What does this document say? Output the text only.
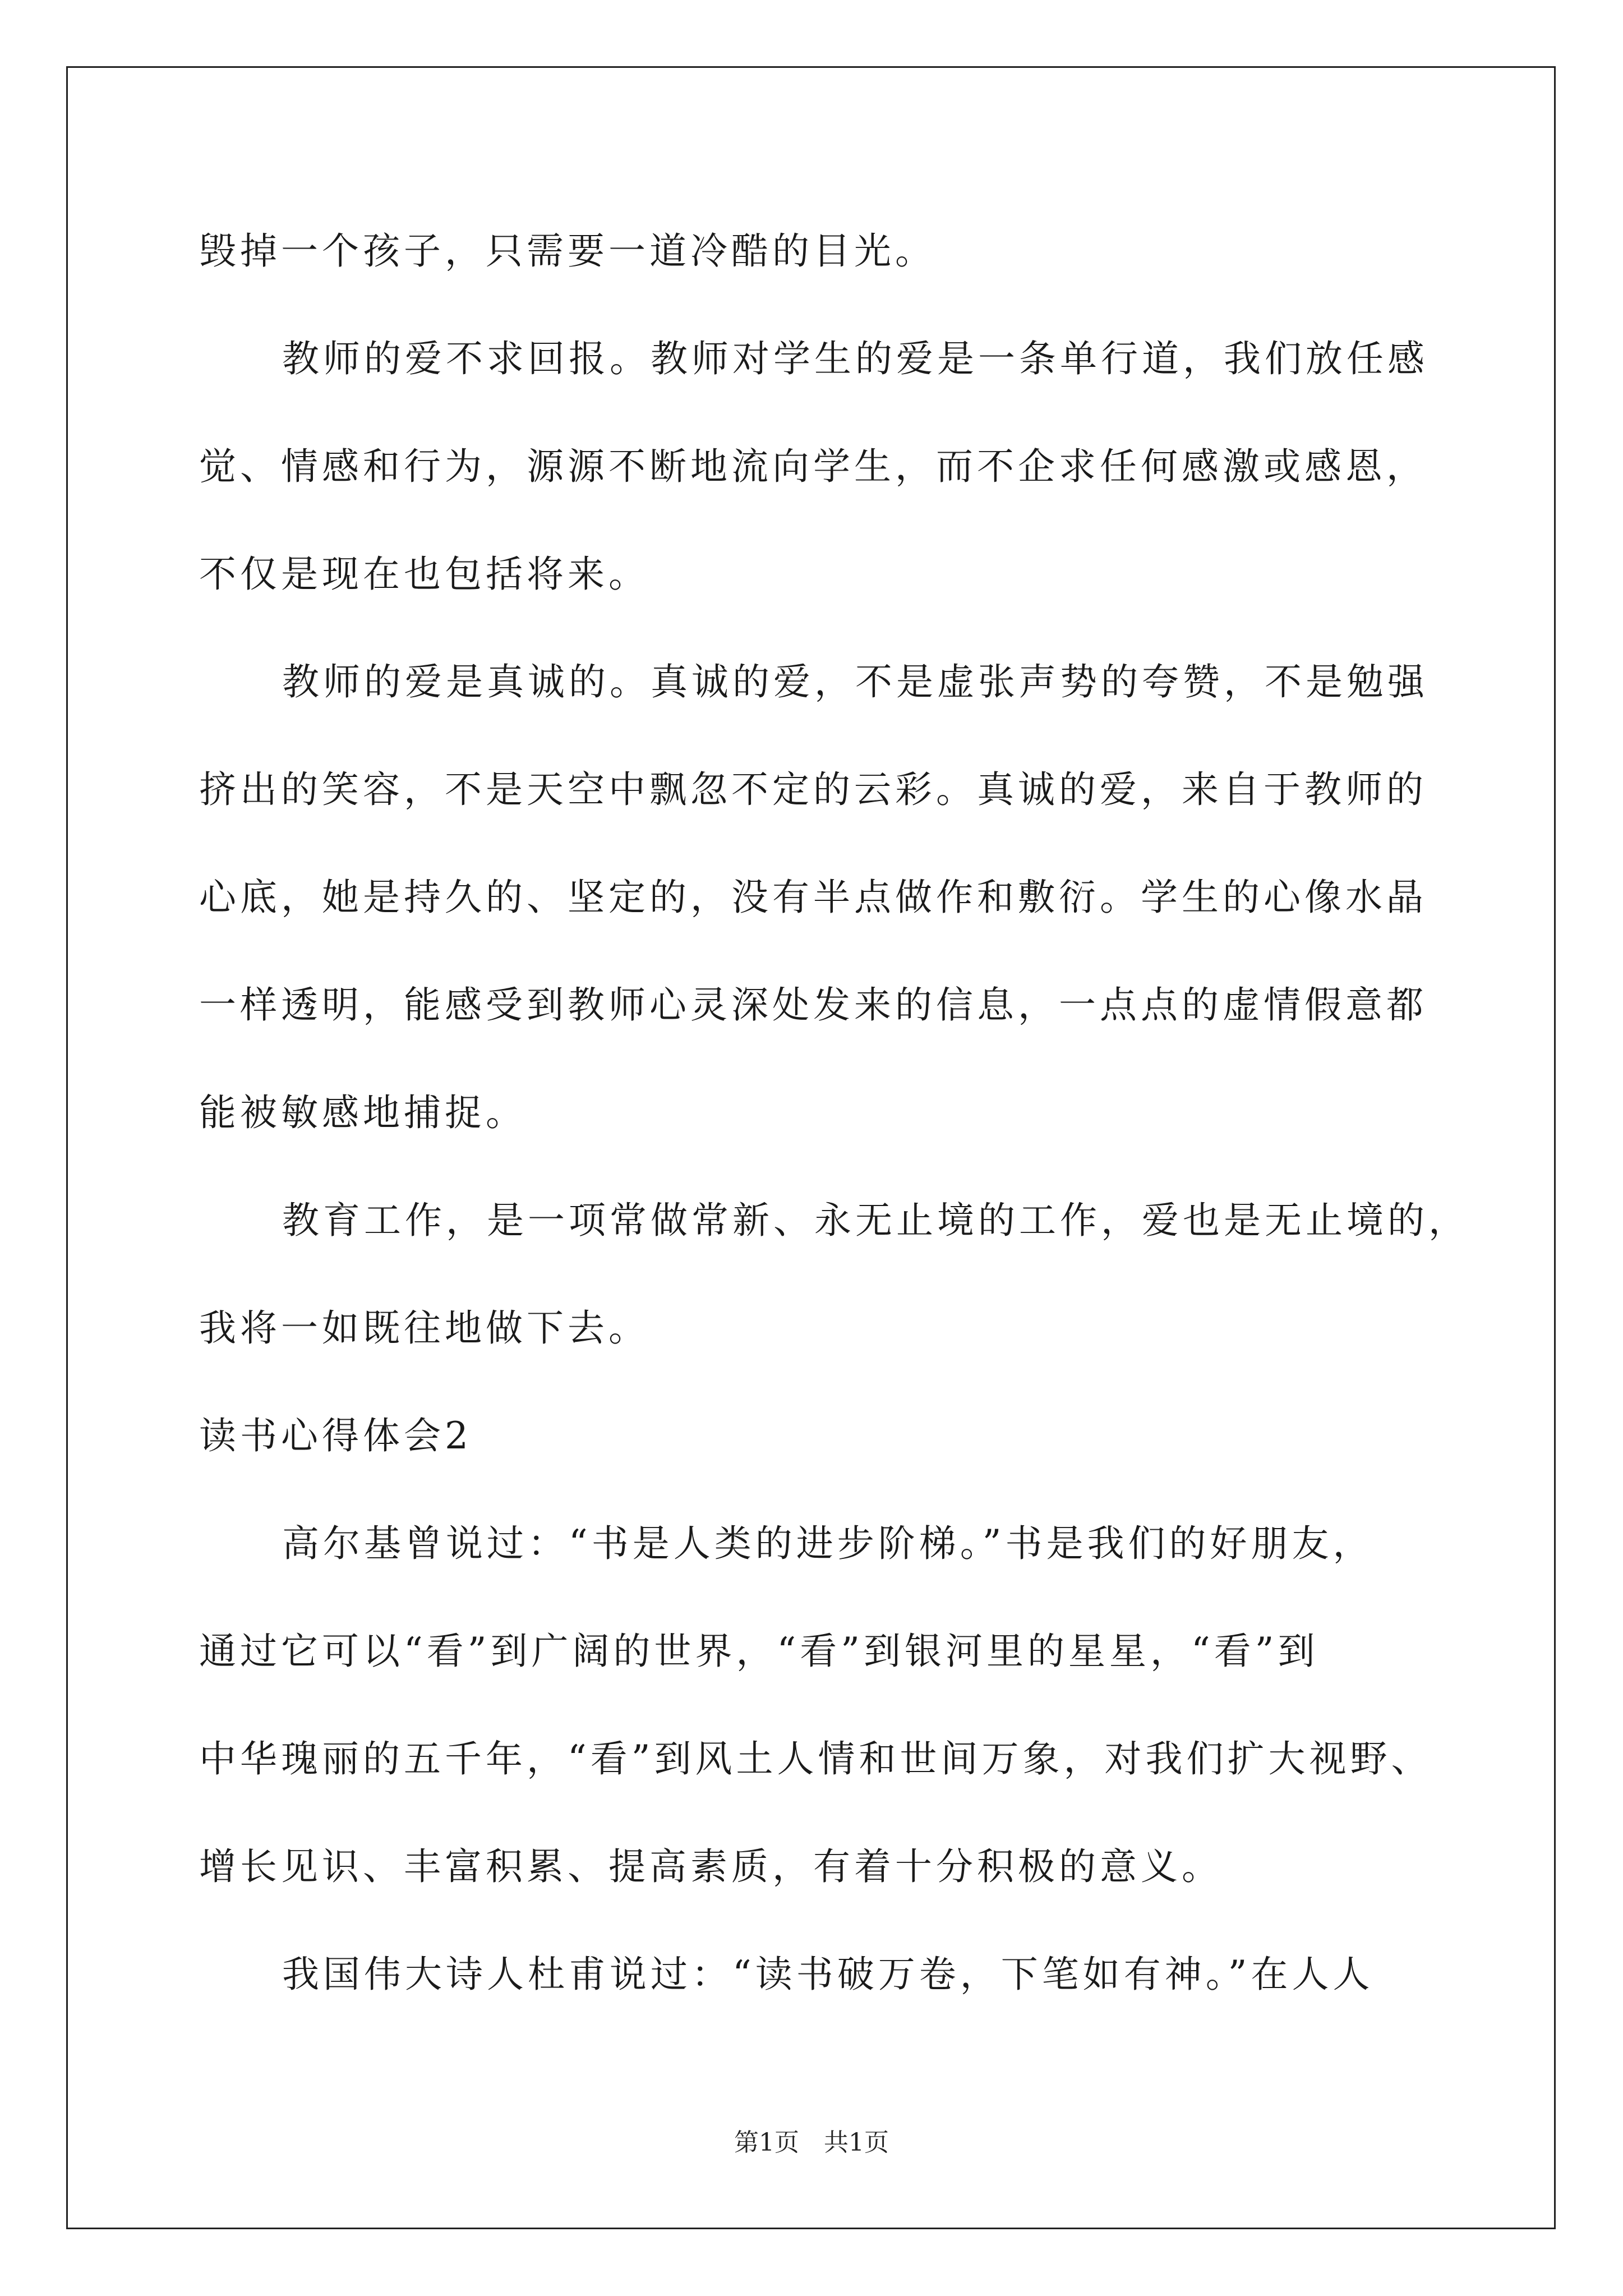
毁掉一个孩子，只需要一道冷酷的目光。
教师的爱不求回报。教师对学生的爱是一条单行道，我们放任感
觉、情感和行为，源源不断地流向学生，而不企求任何感激或感恩，
不仅是现在也包括将来。
教师的爱是真诚的。真诚的爱，不是虚张声势的夸赞，不是勉强
挤出的笑容，不是天空中飘忽不定的云彩。真诚的爱，来自于教师的
心底，她是持久的、坚定的，没有半点做作和敷衍。学生的心像水晶
一样透明，能感受到教师心灵深处发来的信息，一点点的虚情假意都
能被敏感地捕捉。
教育工作，是一项常做常新、永无止境的工作，爱也是无止境的，
我将一如既往地做下去。
读书心得体会2
高尔基曾说过：“书是人类的进步阶梯。”书是我们的好朋友，
通过它可以“看”到广阔的世界，“看”到银河里的星星，“看”到
中华瑰丽的五千年，“看”到风土人情和世间万象，对我们扩大视野、
增长见识、丰富积累、提高素质，有着十分积极的意义。
我国伟大诗人杜甫说过：“读书破万卷，下笔如有神。”在人人
第1页　共1页
